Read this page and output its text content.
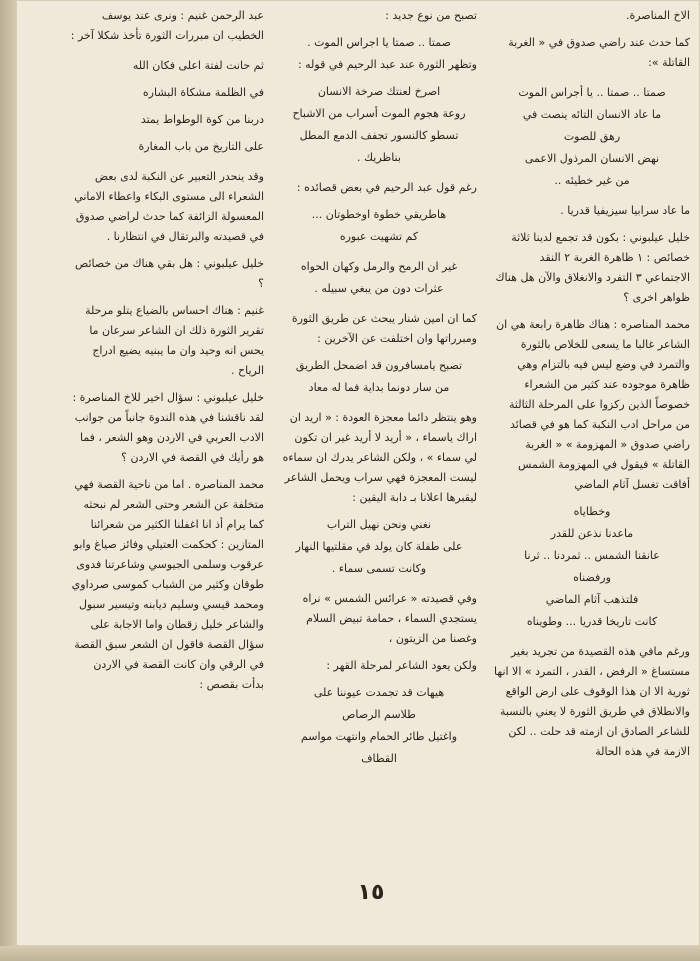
الاخ المناصرة.

كما حدث عند راضي صدوق في « الغربة القاتلة »:

صمتا .. صمتا .. يا أجراس الموت

ما عاد الانسان التائه ينصت في

رهق للصوت

نهض الانسان المرذول الاعمى

من غير خطيئه ..

ما عاد سرابيا سيزيفيا قدريا .

خليل عيلبوني : بكون قد تجمع لدينا ثلاثة خصائص : ١ ظاهرة الغربة ٢ النقد الاجتماعي ٣ التفرد والانغلاق والآن هل هناك ظواهر اخرى ؟

محمد المناصره : هناك ظاهرة رابعة هي ان الشاعر غالبا ما يسعى للخلاص بالثورة والتمرد في وضع ليس فيه بالتزام وهي ظاهرة موجوده عند كثير من الشعراء خصوصاً الذين ركزوا على المرحلة الثالثة من مراحل ادب النكبة كما هو في قصائد راضي صدوق « المهزومة » « الغربة القاتلة » فيقول في المهزومة الشمس أفاقت تغسل آثام الماضي

وخطاياه

ماعدنا نذعن للقدر

عانقنا الشمس .. ثمردنا .. ثرنا

ورفضناه

فلتذهب آثام الماضي

كانت تاريخا قدريا ... وطويناه

ورغم مافي هذه القصيدة من تجريد بغير مستساغ « الرفض ، القدر ، التمرد » الا انها ثورية الا ان هذا الوقوف على ارض الواقع والانطلاق في طريق الثورة لا يعني بالنسبة للشاعر الصادق ان ازمته قد حلت .. لكن الازمة في هذه الحالة

تصبح من نوع جديد :

صمتا .. صمتا يا اجراس الموت .

وتظهر الثورة عند عبد الرحيم في قوله :

اصرخ لعنتك صرخة الانسان

روعة هجوم الموت أسراب من الاشباح

تسطو كالنسور تجفف الدمع المطل

بناظريك .

رغم قول عبد الرحيم في بعض قصائده :

هاطريقي خطوة اوخطوتان ...

كم تشهيت عبوره

غير ان الرمح والرمل وكهان الحواه

عثرات دون من يبغي سبيله .

كما ان امين شنار يبحث عن طريق الثورة ومبرراتها وان اختلفت عن الآخرين :

تصبح يامسافرون قد اضمحل الطريق

من سار دونما بداية فما له معاد

وهو ينتظر دائما معجزة العودة : « اريد ان اراك ياسماء ، « أريد لا أريد غير ان تكون لي سماء » ، ولكن الشاعر يدرك ان سماءه ليست المعجزة فهي سراب ويحمل الشاعر ليقبرها اعلانا بـ دابة اليقين :

نغني ونحن نهيل التراب

على طفلة كان يولد في مقلتيها النهار

وكانت تسمى سماء .

وفي قصيدته « عرائس الشمس » نراه يستجدي السماء ، حمامة تبيض السلام وغصنا من الزيتون ،

ولكن يعود الشاعر لمرحلة القهر :

هيهات قد تجمدت عيوننا على

طلاسم الرصاص

واغتيل طائر الحمام وانتهت مواسم

القطاف

عبد الرحمن غنيم : ونرى عند يوسف الخطيب ان مبررات الثورة تأخذ شكلا آخر :

ثم حانت لفتة اعلى فكان الله

في الظلمة مشكاة البشاره

دربنا من كوة الوطواط يمتد

على التاريخ من باب المغارة

وقد ينحدر التعبير عن النكبة لدى بعض الشعراء الى مستوى البكاء واعطاء الاماني المعسولة الزائفة كما حدث لراضي صدوق في قصيدته والبرتقال في انتظارنا .

خليل عيلبوني : هل بقي هناك من خصائص ؟

غنيم : هناك احساس بالضياع يتلو مرحلة تقرير الثورة ذلك ان الشاعر سرعان ما يحس انه وحيد وان ما يبنيه يضيع ادراج الرياح .

خليل عيلبوني : سؤال اخير للاخ المناصرة : لقد ناقشنا في هذه الندوة جانباً من جوانب الادب العربي في الاردن وهو الشعر ، فما هو رأيك في القصة في الاردن ؟

محمد المناصره . اما من ناحية القصة فهي متخلفة عن الشعر وحتى الشعر لم نبحثه كما يرام أذ انا اغفلنا الكثير من شعرائنا المتازين : كحكمت العتيلي وفائز صياغ وابو عرقوب وسلمى الجيوسي وشاعرتنا فدوى طوقان وكثير من الشباب كموسى صرداوي ومحمد قيسي وسليم ديابنه وتيسير سبول والشاعر خليل زقطان واما الاجابة على سؤال القصة فاقول ان الشعر سبق القصة في الرقي وان كانت القصة في الاردن بدأت بقصص :

١٥
